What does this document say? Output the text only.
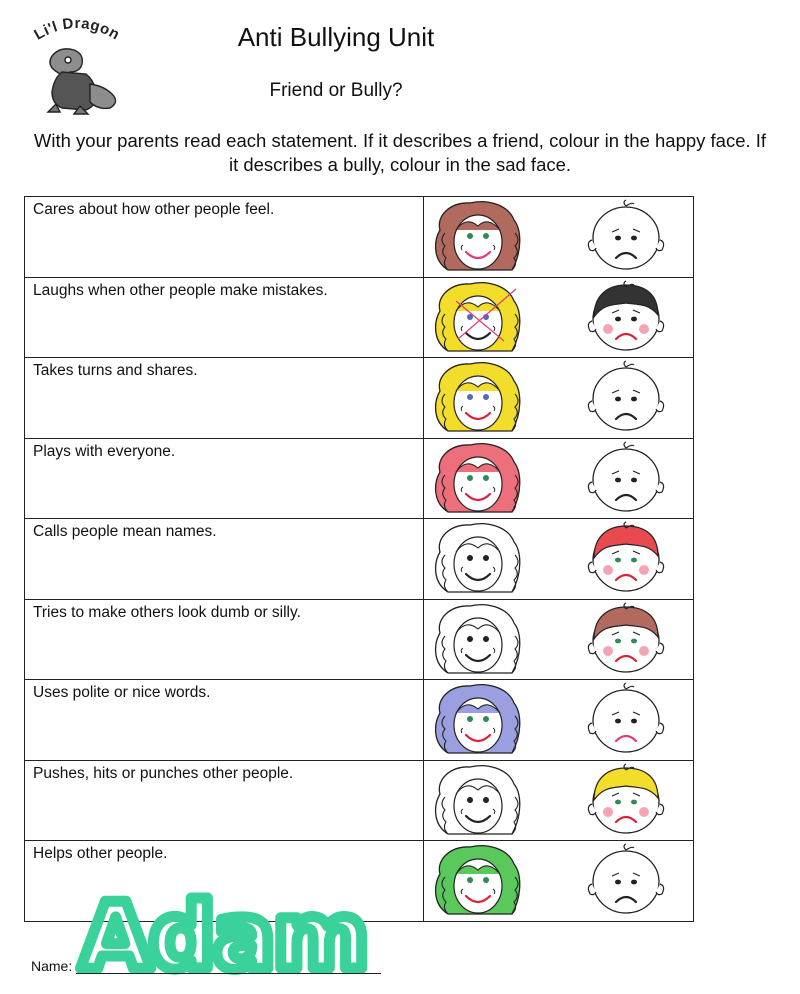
Li'l Dragon	Anti Bullying Unit
Friend or Bully?
With your parents read each statement. If it describes a friend, colour in the happy face. If it describes a bully, colour in the sad face.
Cares about how other people feel.	

Laughs when other people make mistakes.	

Takes turns and shares.	

Plays with everyone.	

Calls people mean names.	

Tries to make others look dumb or silly.	

Uses polite or nice words.	

Pushes, hits or punches other people.	

Helps other people.	
Adam
Name:
